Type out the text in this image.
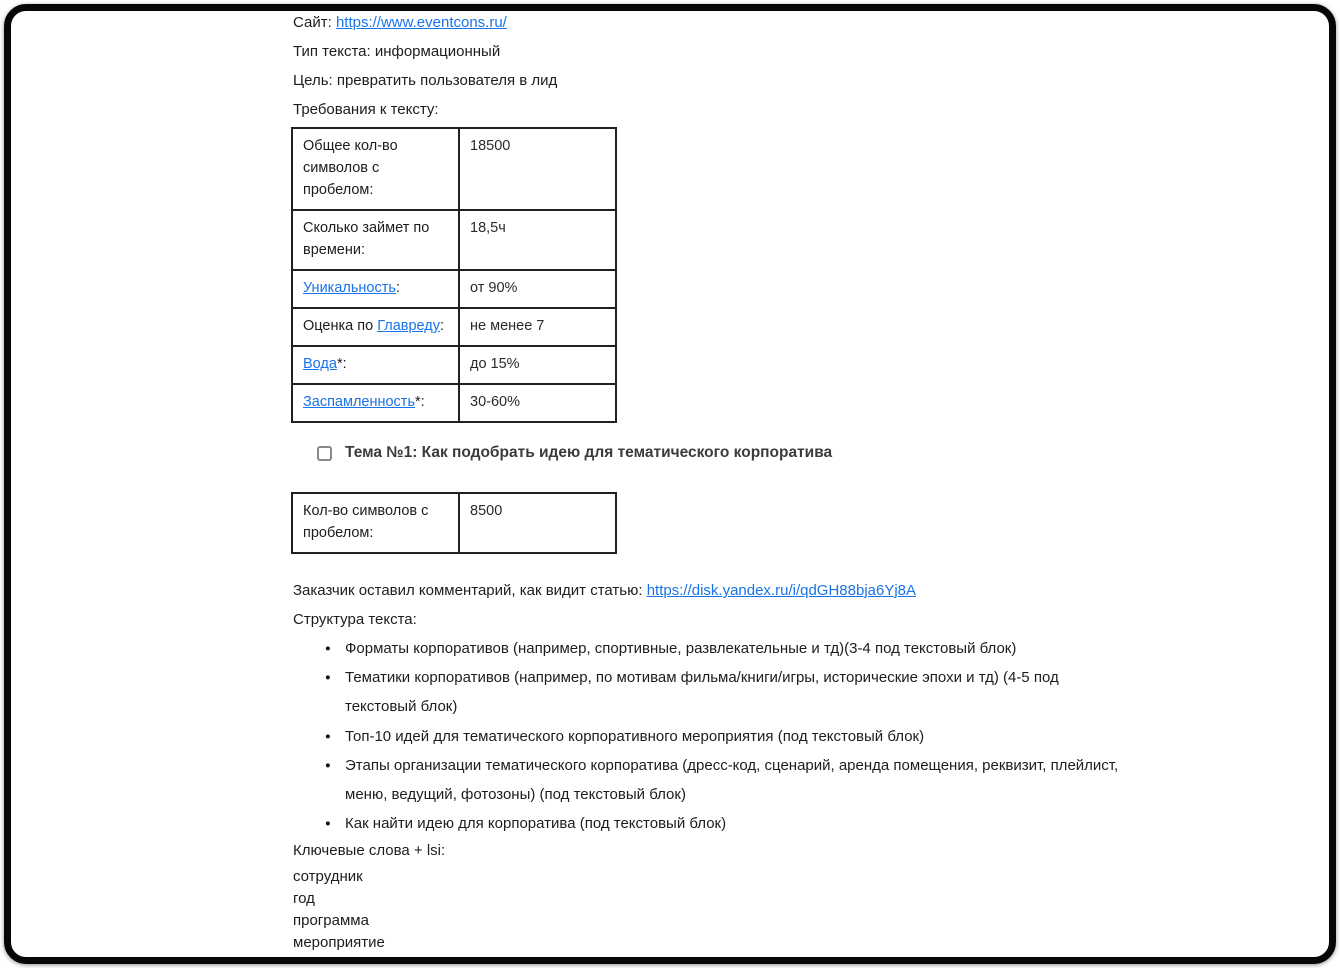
Сайт: https://www.eventcons.ru/
Тип текста: информационный
Цель: превратить пользователя в лид
Требования к тексту:
Общее кол-во символов с пробелом:	18500
Сколько займет по времени:	18,5ч
Уникальность:	от 90%
Оценка по Главреду:	не менее 7
Вода*:	до 15%
Заспамленность*:	30-60%
Тема №1: Как подобрать идею для тематического корпоратива
Кол-во символов с пробелом:	8500
Заказчик оставил комментарий, как видит статью: https://disk.yandex.ru/i/qdGH88bja6Yj8A
Структура текста:
● Форматы корпоративов (например, спортивные, развлекательные и тд)(3-4 под текстовый блок)
● Тематики корпоративов (например, по мотивам фильма/книги/игры, исторические эпохи и тд) (4-5 под текстовый блок)
● Топ-10 идей для тематического корпоративного мероприятия (под текстовый блок)
● Этапы организации тематического корпоратива (дресс-код, сценарий, аренда помещения, реквизит, плейлист, меню, ведущий, фотозоны) (под текстовый блок)
● Как найти идею для корпоратива (под текстовый блок)
Ключевые слова + lsi:
сотрудник
год
программа
мероприятие
